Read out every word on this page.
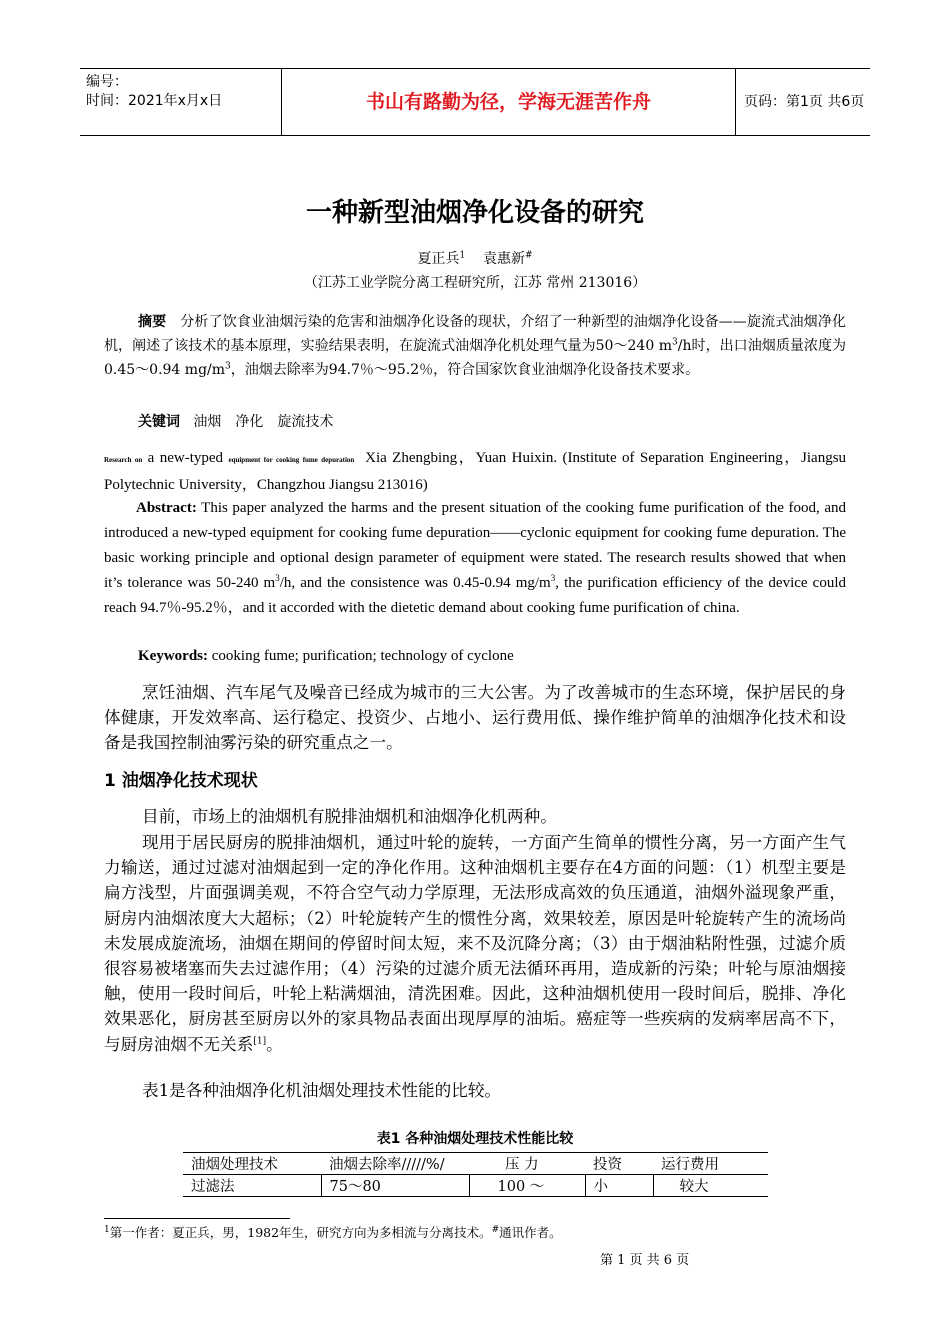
编号：
时间：2021年x月x日	书山有路勤为径，学海无涯苦作舟	页码：第1页 共6页
一种新型油烟净化设备的研究
夏正兵$^1$ 袁惠新#
（江苏工业学院分离工程研究所，江苏 常州 213016）
摘要 分析了饮食业油烟污染的危害和油烟净化设备的现状，介绍了一种新型的油烟净化设备——旋流式油烟净化机，阐述了该技术的基本原理，实验结果表明，在旋流式油烟净化机处理气量为50～240 $m^3/h$时，出口油烟质量浓度为0.45～0.94 $mg/m^3$，油烟去除率为94.7％～95.2％，符合国家饮食业油烟净化设备技术要求。
关键词 油烟　净化　旋流技术
Research on a new-typed equipment for cooking fume depuration Xia Zhengbing，Yuan Huixin. (Institute of Separation Engineering，Jiangsu Polytechnic University，Changzhou Jiangsu 213016)
Abstract: This paper analyzed the harms and the present situation of the cooking fume purification of the food, and introduced a new-typed equipment for cooking fume depuration——cyclonic equipment for cooking fume depuration. The basic working principle and optional design parameter of equipment were stated. The research results showed that when it’s tolerance was 50-240 $m^3/h$, and the consistence was 0.45-0.94 $mg/m^3$, the purification efficiency of the device could reach 94.7％-95.2％，and it accorded with the dietetic demand about cooking fume purification of china.
Keywords: cooking fume; purification; technology of cyclone
烹饪油烟、汽车尾气及噪音已经成为城市的三大公害。为了改善城市的生态环境，保护居民的身体健康，开发效率高、运行稳定、投资少、占地小、运行费用低、操作维护简单的油烟净化技术和设备是我国控制油雾污染的研究重点之一。
1 油烟净化技术现状
目前，市场上的油烟机有脱排油烟机和油烟净化机两种。
现用于居民厨房的脱排油烟机，通过叶轮的旋转，一方面产生简单的惯性分离，另一方面产生气力输送，通过过滤对油烟起到一定的净化作用。这种油烟机主要存在4方面的问题：（1）机型主要是扁方浅型，片面强调美观，不符合空气动力学原理，无法形成高效的负压通道，油烟外溢现象严重，厨房内油烟浓度大大超标；（2）叶轮旋转产生的惯性分离，效果较差，原因是叶轮旋转产生的流场尚未发展成旋流场，油烟在期间的停留时间太短，来不及沉降分离；（3）由于烟油粘附性强，过滤介质很容易被堵塞而失去过滤作用；（4）污染的过滤介质无法循环再用，造成新的污染；叶轮与原油烟接触，使用一段时间后，叶轮上粘满烟油，清洗困难。因此，这种油烟机使用一段时间后，脱排、净化效果恶化，厨房甚至厨房以外的家具物品表面出现厚厚的油垢。癌症等一些疾病的发病率居高不下，与厨房油烟不无关系[1]。
表1是各种油烟净化机油烟处理技术性能的比较。
表1 各种油烟处理技术性能比较
油烟处理技术	油烟去除率/////%/	压 力	投资	运行费用
过滤法	75～80	100 ～	小	较大
$^1$第一作者：夏正兵，男，1982年生，研究方向为多相流与分离技术。#通讯作者。
第 1 页 共 6 页
